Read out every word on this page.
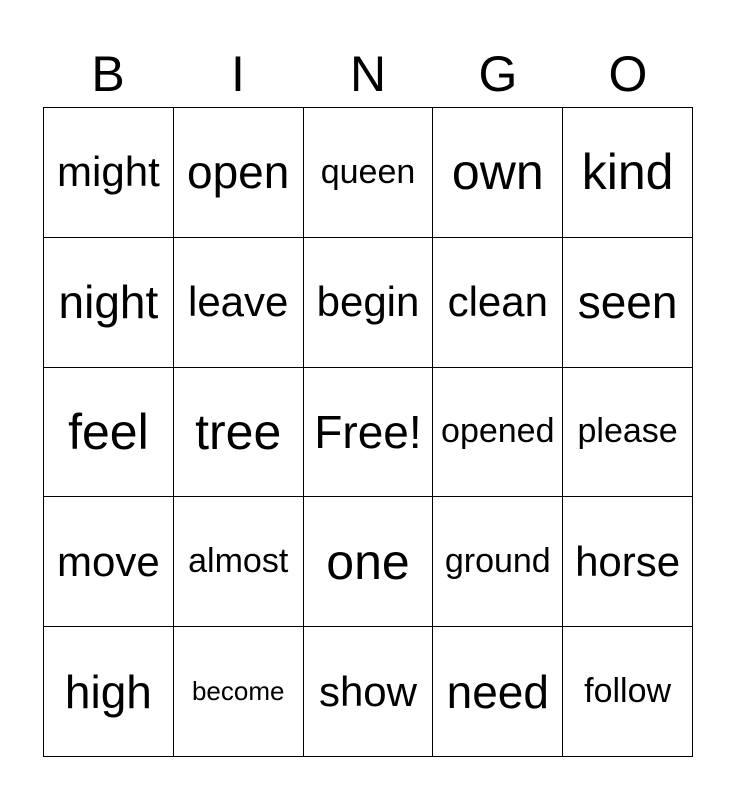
B	I	N	G	O
might open queen own kind
night leave begin clean seen
feel tree Free! opened please
move almost one ground horse
high become show need follow
